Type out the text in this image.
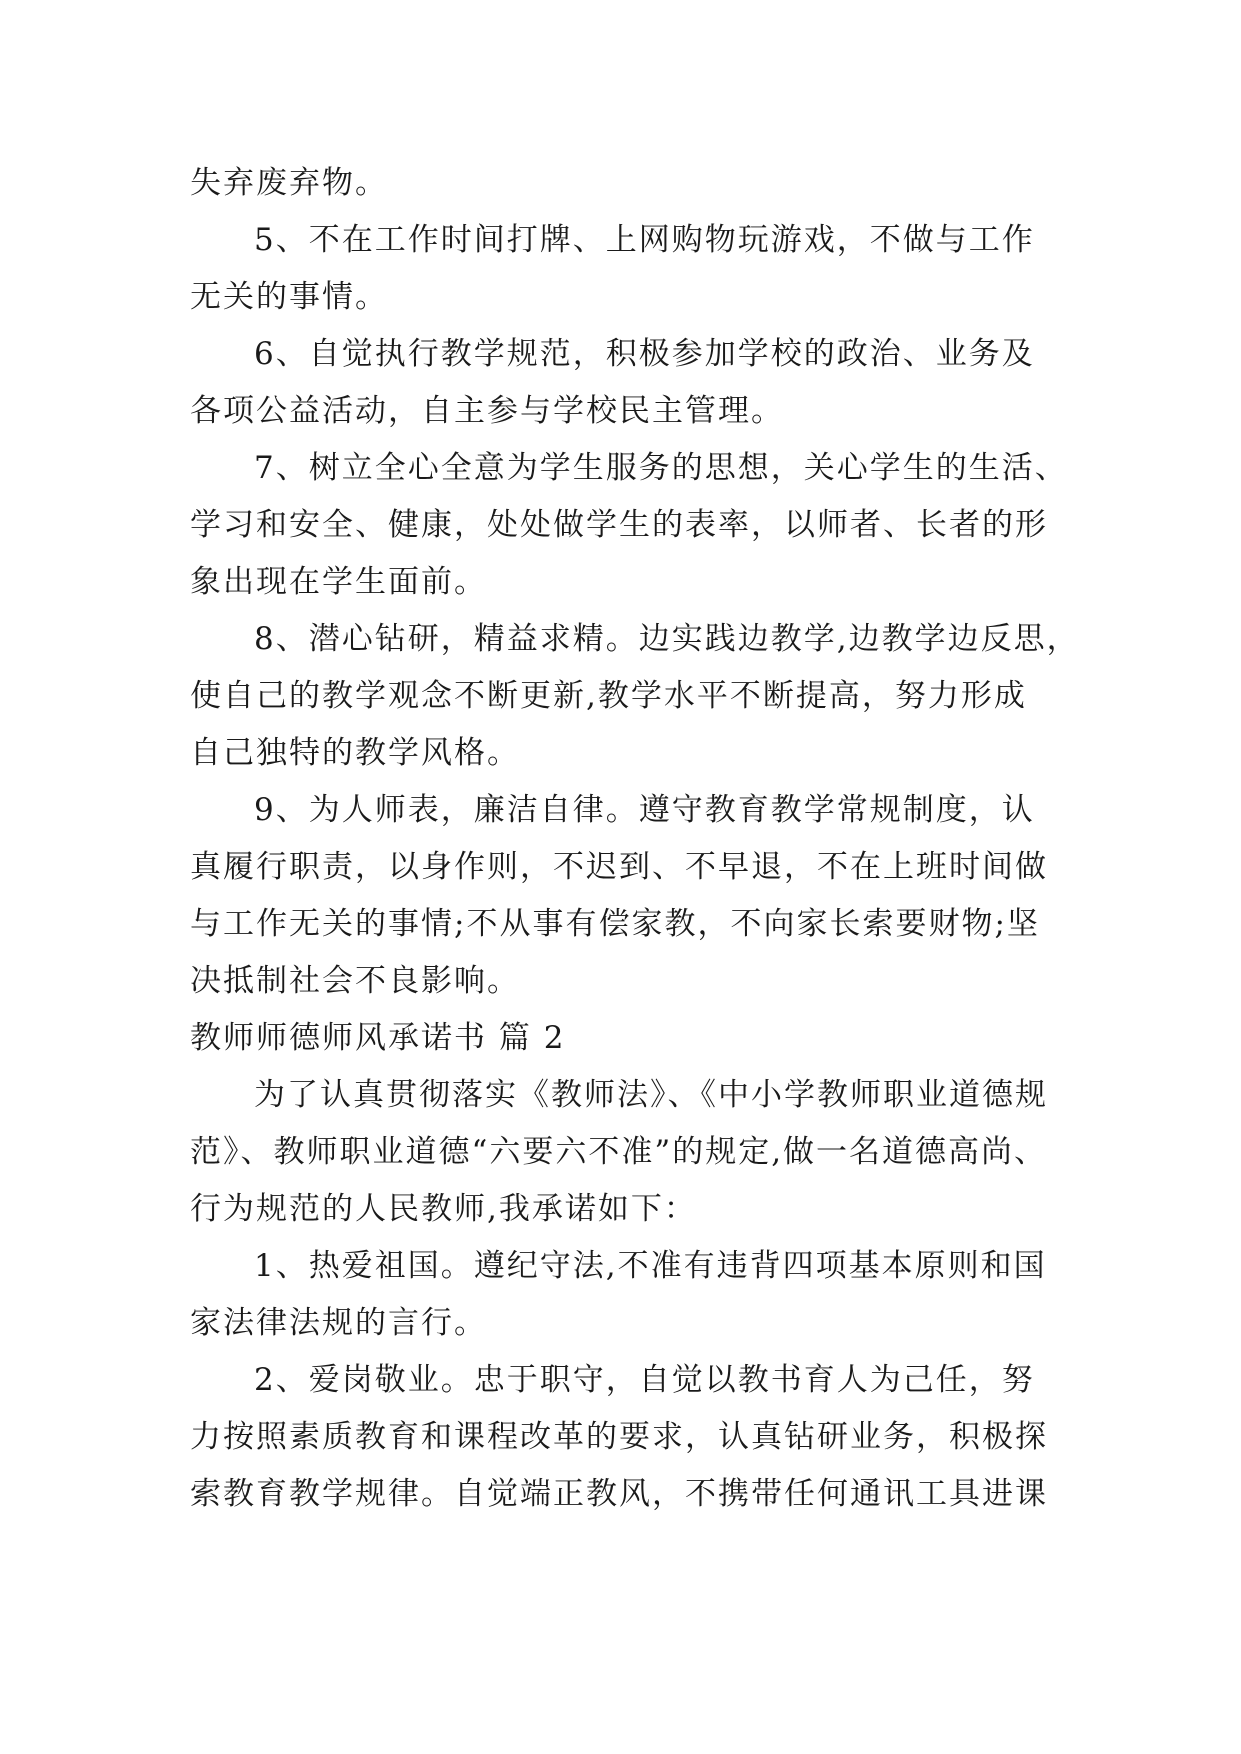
失弃废弃物。
5、不在工作时间打牌、上网购物玩游戏，不做与工作
无关的事情。
6、自觉执行教学规范，积极参加学校的政治、业务及
各项公益活动，自主参与学校民主管理。
7、树立全心全意为学生服务的思想，关心学生的生活、
学习和安全、健康，处处做学生的表率，以师者、长者的形
象出现在学生面前。
8、潜心钻研，精益求精。边实践边教学,边教学边反思，
使自己的教学观念不断更新,教学水平不断提高，努力形成
自己独特的教学风格。
9、为人师表，廉洁自律。遵守教育教学常规制度，认
真履行职责，以身作则，不迟到、不早退，不在上班时间做
与工作无关的事情;不从事有偿家教，不向家长索要财物;坚
决抵制社会不良影响。
教师师德师风承诺书 篇 2
为了认真贯彻落实《教师法》、《中小学教师职业道德规
范》、教师职业道德“六要六不准”的规定,做一名道德高尚、
行为规范的人民教师,我承诺如下：
1、热爱祖国。遵纪守法,不准有违背四项基本原则和国
家法律法规的言行。
2、爱岗敬业。忠于职守，自觉以教书育人为己任，努
力按照素质教育和课程改革的要求，认真钻研业务，积极探
索教育教学规律。自觉端正教风，不携带任何通讯工具进课
